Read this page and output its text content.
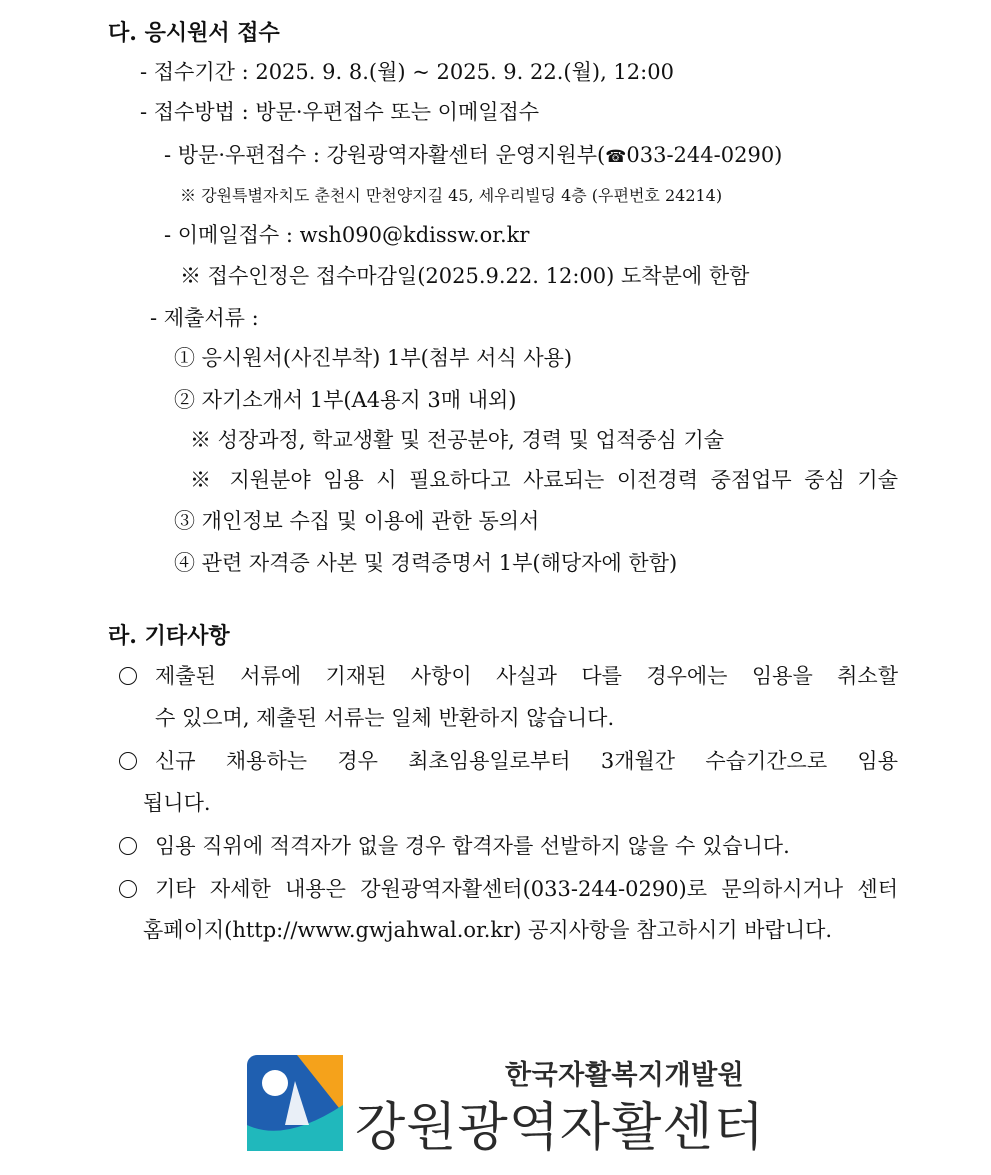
다. 응시원서 접수
- 접수기간 : 2025. 9. 8.(월) ~ 2025. 9. 22.(월), 12:00
- 접수방법 : 방문·우편접수 또는 이메일접수
- 방문·우편접수 : 강원광역자활센터 운영지원부(☎033-244-0290)
※ 강원특별자치도 춘천시 만천양지길 45, 세우리빌딩 4층 (우편번호 24214)
- 이메일접수 : wsh090@kdissw.or.kr
※ 접수인정은 접수마감일(2025.9.22. 12:00) 도착분에 한함
- 제출서류 :
① 응시원서(사진부착) 1부(첨부 서식 사용)
② 자기소개서 1부(A4용지 3매 내외)
※ 성장과정, 학교생활 및 전공분야, 경력 및 업적중심 기술
※ 지원분야 임용 시 필요하다고 사료되는 이전경력 중점업무 중심 기술
③ 개인정보 수집 및 이용에 관한 동의서
④ 관련 자격증 사본 및 경력증명서 1부(해당자에 한함)
라. 기타사항
제출된 서류에 기재된 사항이 사실과 다를 경우에는 임용을 취소할
수 있으며, 제출된 서류는 일체 반환하지 않습니다.
신규 채용하는 경우 최초임용일로부터 3개월간 수습기간으로 임용
됩니다.
임용 직위에 적격자가 없을 경우 합격자를 선발하지 않을 수 있습니다.
기타 자세한 내용은 강원광역자활센터(033-244-0290)로 문의하시거나 센터
홈페이지(http://www.gwjahwal.or.kr) 공지사항을 참고하시기 바랍니다.
한국자활복지개발원
강원광역자활센터
